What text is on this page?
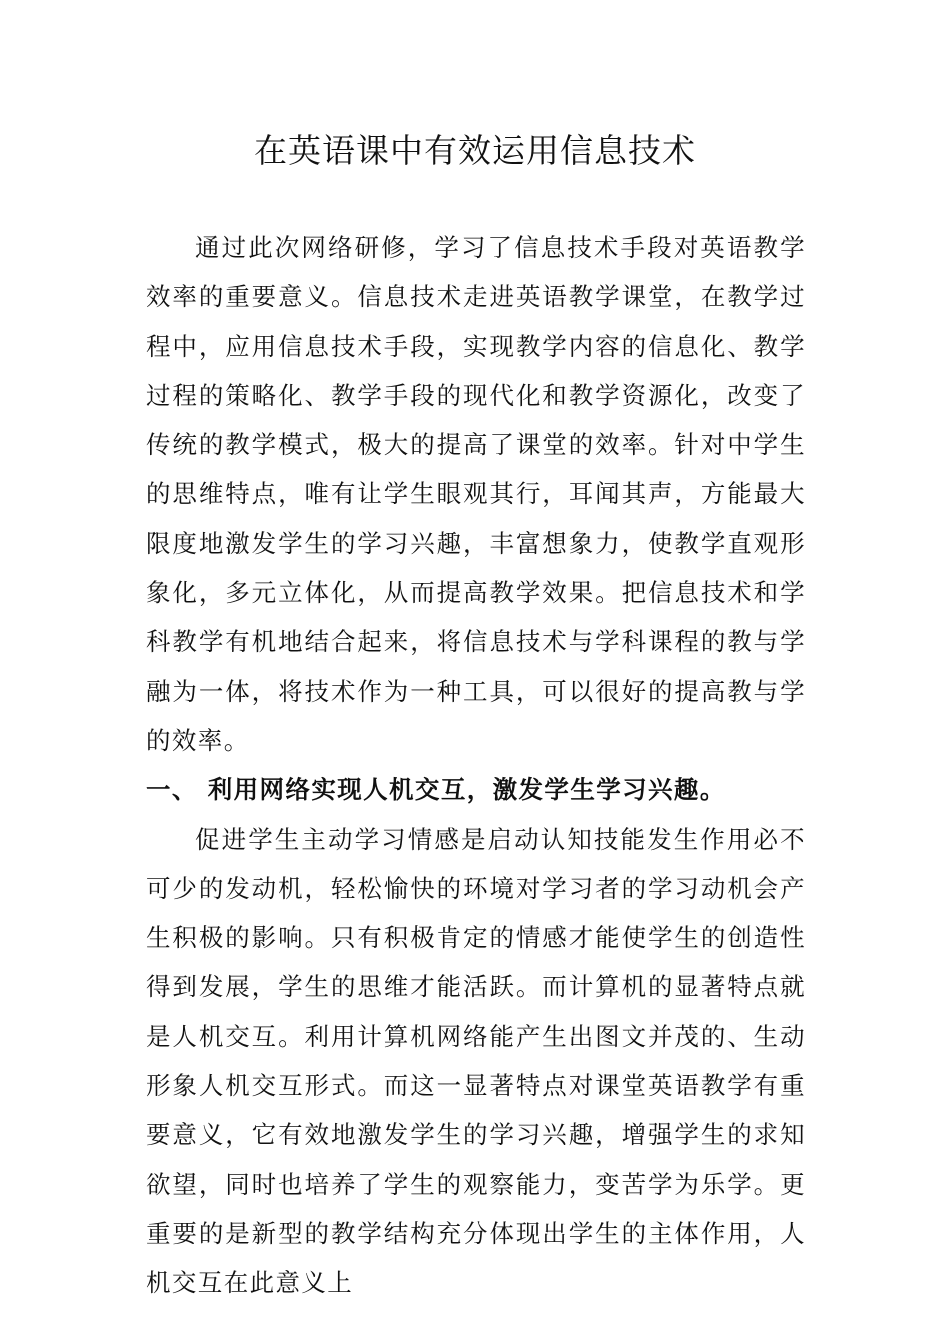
在英语课中有效运用信息技术

通过此次网络研修，学习了信息技术手段对英语教学效率的重要意义。信息技术走进英语教学课堂，在教学过程中，应用信息技术手段，实现教学内容的信息化、教学过程的策略化、教学手段的现代化和教学资源化，改变了传统的教学模式，极大的提高了课堂的效率。针对中学生的思维特点，唯有让学生眼观其行，耳闻其声，方能最大限度地激发学生的学习兴趣，丰富想象力，使教学直观形象化，多元立体化，从而提高教学效果。把信息技术和学科教学有机地结合起来，将信息技术与学科课程的教与学融为一体，将技术作为一种工具，可以很好的提高教与学的效率。

一、 利用网络实现人机交互，激发学生学习兴趣。

促进学生主动学习情感是启动认知技能发生作用必不可少的发动机，轻松愉快的环境对学习者的学习动机会产生积极的影响。只有积极肯定的情感才能使学生的创造性得到发展，学生的思维才能活跃。而计算机的显著特点就是人机交互。利用计算机网络能产生出图文并茂的、生动形象人机交互形式。而这一显著特点对课堂英语教学有重要意义，它有效地激发学生的学习兴趣，增强学生的求知欲望，同时也培养了学生的观察能力，变苦学为乐学。更重要的是新型的教学结构充分体现出学生的主体作用，人机交互在此意义上
